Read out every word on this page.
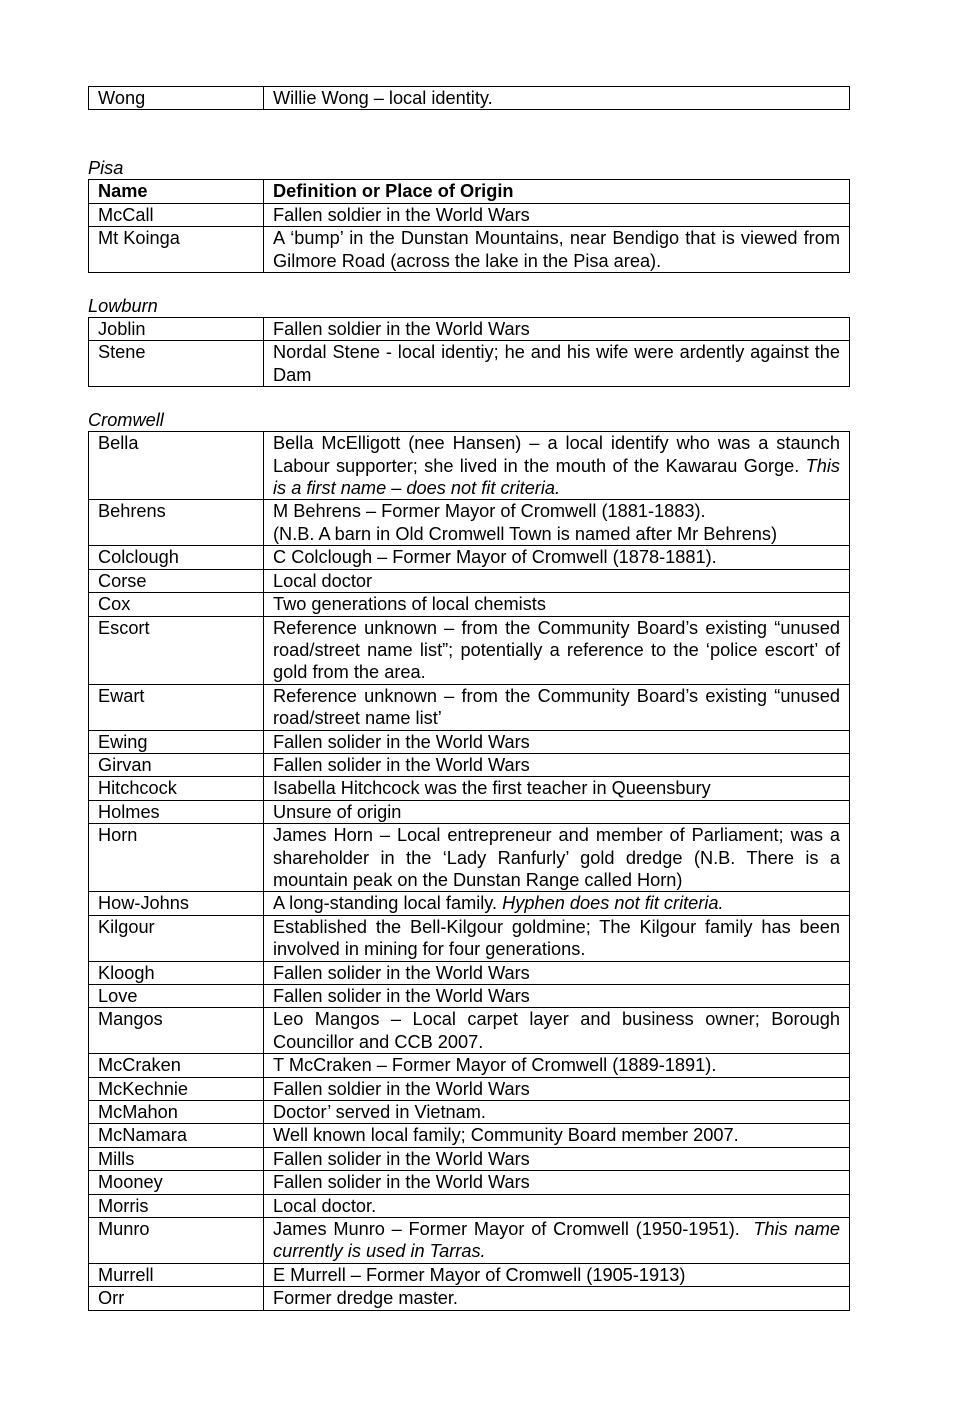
Wong	Willie Wong – local identity.
Pisa
Name	Definition or Place of Origin
McCall	Fallen soldier in the World Wars
Mt Koinga	A ‘bump’ in the Dunstan Mountains, near Bendigo that is viewed from Gilmore Road (across the lake in the Pisa area).
Lowburn
Joblin	Fallen soldier in the World Wars
Stene	Nordal Stene - local identiy; he and his wife were ardently against the Dam
Cromwell
Bella	Bella McElligott (nee Hansen) – a local identify who was a staunch Labour supporter; she lived in the mouth of the Kawarau Gorge. This is a first name – does not fit criteria.
Behrens	M Behrens – Former Mayor of Cromwell (1881-1883).
(N.B. A barn in Old Cromwell Town is named after Mr Behrens)
Colclough	C Colclough – Former Mayor of Cromwell (1878-1881).
Corse	Local doctor
Cox	Two generations of local chemists
Escort	Reference unknown – from the Community Board’s existing “unused road/street name list”; potentially a reference to the ‘police escort’ of gold from the area.
Ewart	Reference unknown – from the Community Board’s existing “unused road/street name list’
Ewing	Fallen solider in the World Wars
Girvan	Fallen solider in the World Wars
Hitchcock	Isabella Hitchcock was the first teacher in Queensbury
Holmes	Unsure of origin
Horn	James Horn – Local entrepreneur and member of Parliament; was a shareholder in the ‘Lady Ranfurly’ gold dredge (N.B. There is a mountain peak on the Dunstan Range called Horn)
How-Johns	A long-standing local family. Hyphen does not fit criteria.
Kilgour	Established the Bell-Kilgour goldmine; The Kilgour family has been involved in mining for four generations.
Kloogh	Fallen solider in the World Wars
Love	Fallen solider in the World Wars
Mangos	Leo Mangos – Local carpet layer and business owner; Borough Councillor and CCB 2007.
McCraken	T McCraken – Former Mayor of Cromwell (1889-1891).
McKechnie	Fallen soldier in the World Wars
McMahon	Doctor’ served in Vietnam.
McNamara	Well known local family; Community Board member 2007.
Mills	Fallen solider in the World Wars
Mooney	Fallen solider in the World Wars
Morris	Local doctor.
Munro	James Munro – Former Mayor of Cromwell (1950-1951). This name currently is used in Tarras.
Murrell	E Murrell – Former Mayor of Cromwell (1905-1913)
Orr	Former dredge master.
